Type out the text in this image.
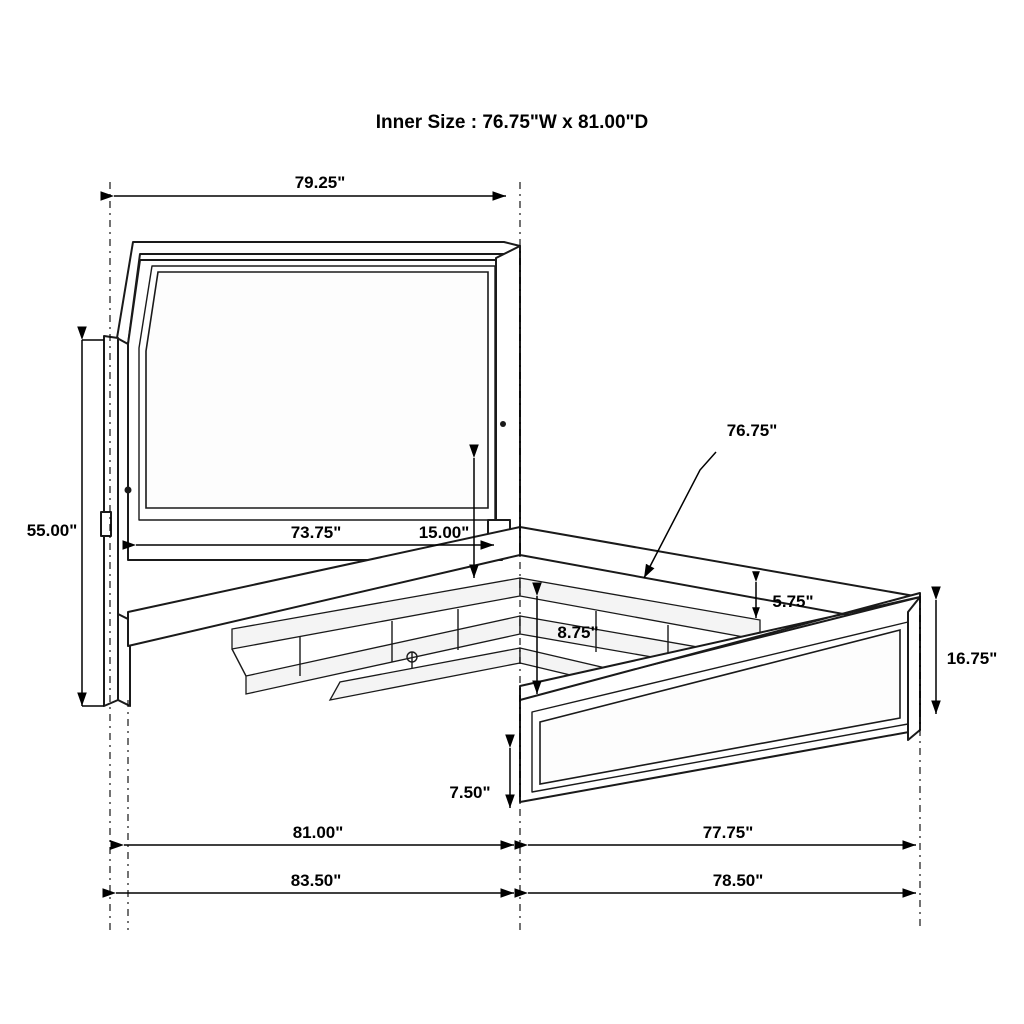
Inner Size : 76.75"W x 81.00"D
79.25"
55.00"	73.75"	15.00"
76.75"
5.75"
8.75"
16.75"
7.50"
81.00"	77.75"
83.50"	78.50"
